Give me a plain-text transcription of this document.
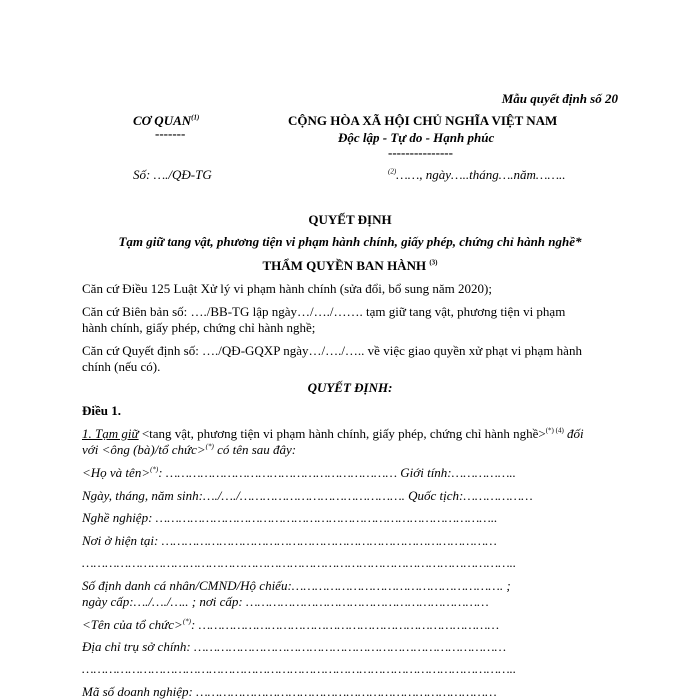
Mẫu quyết định số 20
CƠ QUAN$^{(1)}$
-------
CỘNG HÒA XÃ HỘI CHỦ NGHĨA VIỆT NAM
Độc lập - Tự do - Hạnh phúc
---------------
Số: …./QĐ-TG	$^{(2)}$……, ngày…..tháng….năm……..
QUYẾT ĐỊNH
Tạm giữ tang vật, phương tiện vi phạm hành chính, giấy phép, chứng chỉ hành nghề*
THẨM QUYỀN BAN HÀNH $^{(3)}$
Căn cứ Điều 125 Luật Xử lý vi phạm hành chính (sửa đổi, bổ sung năm 2020);
Căn cứ Biên bản số: …./BB-TG lập ngày…/…./……. tạm giữ tang vật, phương tiện vi phạm
hành chính, giấy phép, chứng chỉ hành nghề;
Căn cứ Quyết định số: …./QĐ-GQXP ngày…/…./….. về việc giao quyền xử phạt vi phạm hành
chính (nếu có).
QUYẾT ĐỊNH:
Điều 1.
1. Tạm giữ <tang vật, phương tiện vi phạm hành chính, giấy phép, chứng chỉ hành nghề>$^{(*) (4)}$ đối
với <ông (bà)/tổ chức>(*) có tên sau đây:
<Họ và tên>(*): …………………………………………………… Giới tính:……………..
Ngày, tháng, năm sinh:…./…./……………………………………. Quốc tịch:………………
Nghề nghiệp: ……………………………………………………………………………..
Nơi ở hiện tại: ……………………………………………………………………………
…………………………………………………………………………………………………..
Số định danh cá nhân/CMND/Hộ chiếu:………………………………………………. ;
ngày cấp:…./…./….. ; nơi cấp: ………………………………………………………
<Tên của tổ chức>(*): ……………………………………………………………………
Địa chỉ trụ sở chính: ………………………………………………………………………
…………………………………………………………………………………………………..
Mã số doanh nghiệp: ……………………………………………………………………
